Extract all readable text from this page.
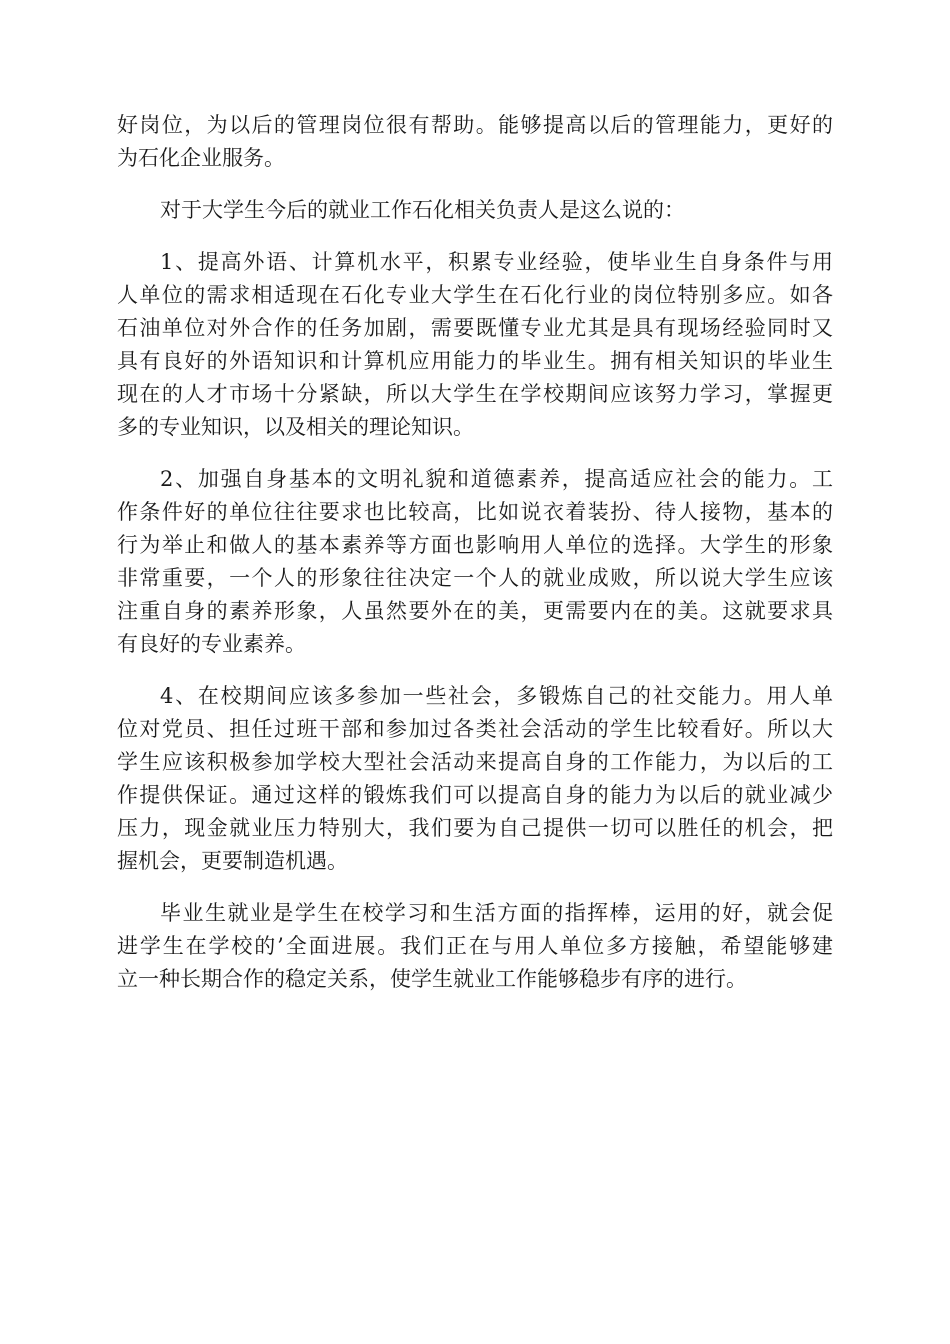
好岗位，为以后的管理岗位很有帮助。能够提高以后的管理能力，更好的
为石化企业服务。
对于大学生今后的就业工作石化相关负责人是这么说的：
1、提高外语、计算机水平，积累专业经验，使毕业生自身条件与用
人单位的需求相适现在石化专业大学生在石化行业的岗位特别多应。如各
石油单位对外合作的任务加剧，需要既懂专业尤其是具有现场经验同时又
具有良好的外语知识和计算机应用能力的毕业生。拥有相关知识的毕业生
现在的人才市场十分紧缺，所以大学生在学校期间应该努力学习，掌握更
多的专业知识，以及相关的理论知识。
2、加强自身基本的文明礼貌和道德素养，提高适应社会的能力。工
作条件好的单位往往要求也比较高，比如说衣着装扮、待人接物，基本的
行为举止和做人的基本素养等方面也影响用人单位的选择。大学生的形象
非常重要，一个人的形象往往决定一个人的就业成败，所以说大学生应该
注重自身的素养形象，人虽然要外在的美，更需要内在的美。这就要求具
有良好的专业素养。
4、在校期间应该多参加一些社会，多锻炼自己的社交能力。用人单
位对党员、担任过班干部和参加过各类社会活动的学生比较看好。所以大
学生应该积极参加学校大型社会活动来提高自身的工作能力，为以后的工
作提供保证。通过这样的锻炼我们可以提高自身的能力为以后的就业减少
压力，现金就业压力特别大，我们要为自己提供一切可以胜任的机会，把
握机会，更要制造机遇。
毕业生就业是学生在校学习和生活方面的指挥棒，运用的好，就会促
进学生在学校的’全面进展。我们正在与用人单位多方接触，希望能够建
立一种长期合作的稳定关系，使学生就业工作能够稳步有序的进行。
